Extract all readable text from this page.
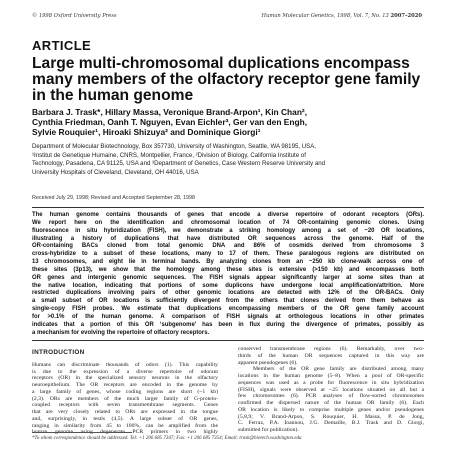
© 1998 Oxford University Press	Human Molecular Genetics, 1998, Vol. 7, No. 13 2007–2020
ARTICLE
Large multi-chromosomal duplications encompass many members of the olfactory receptor gene family in the human genome
Barbara J. Trask*, Hillary Massa, Veronique Brand-Arpon¹, Kin Chan²,
Cynthia Friedman, Oanh T. Nguyen, Evan Eichler³, Ger van den Engh,
Sylvie Rouquier¹, Hiroaki Shizuya² and Dominique Giorgi¹
Department of Molecular Biotechnology, Box 357730, University of Washington, Seattle, WA 98195, USA,
¹Institut de Genetique Humaine, CNRS, Montpellier, France, ²Division of Biology, California Institute of
Technology, Pasadena, CA 91125, USA and ³Department of Genetics, Case Western Reserve University and
University Hospitals of Cleveland, Cleveland, OH 44016, USA
Received July 29, 1998; Revised and Accepted September 28, 1998
The human genome contains thousands of genes that encode a diverse repertoire of odorant receptors (ORs).
We report here on the identification and chromosomal location of 74 OR-containing genomic clones. Using
fluorescence in situ hybridization (FISH), we demonstrate a striking homology among a set of ~20 OR locations,
illustrating a history of duplications that have distributed OR sequences across the genome. Half of the
OR-containing BACs cloned from total genomic DNA and 86% of cosmids derived from chromosome 3
cross-hybridize to a subset of these locations, many to 17 of them. These paralogous regions are distributed on
13 chromosomes, and eight lie in terminal bands. By analyzing clones from an ~250 kb clone-walk across one of
these sites (3p13), we show that the homology among these sites is extensive (>150 kb) and encompasses both
OR genes and intergenic genomic sequences. The FISH signals appear significantly larger at some sites than at
the native location, indicating that portions of some duplicons have undergone local amplification/attrition. More
restricted duplications involving pairs of other genomic locations are detected with 12% of the OR-BACs. Only
a small subset of OR locations is sufficiently divergent from the others that clones derived from them behave as
single-copy FISH probes. We estimate that duplications encompassing members of the OR gene family account
for >0.1% of the human genome. A comparison of FISH signals at orthologous locations in other primates
indicates that a portion of this OR ‘subgenome’ has been in flux during the divergence of primates, possibly as
a mechanism for evolving the repertoire of olfactory receptors.
INTRODUCTION
Humans can discriminate thousands of odors (1). This capability
is due to the expression of a diverse repertoire of odorant
receptors (OR) in the specialized sensory neurons in the olfactory
neuroepithelium. The OR receptors are encoded in the genome by
a large family of genes, whose coding regions are short (~1 kb)
(2,3). ORs are members of the much larger family of G-protein-
coupled receptors with seven transmembrane segments. Genes
that are very closely related to ORs are expressed in the tongue
and, surprisingly, in testis (4,5). A large subset of OR genes,
ranging in similarity from 45 to 100%, can be amplified from the
human genome using degenerate PCR primers in two highly
conserved transmembrane regions (6). Remarkably, over two-
thirds of the human OR sequences captured in this way are
apparent pseudogenes (6).
Members of the OR gene family are distributed among many
locations in the human genome (5–8). When a pool of OR-specific
sequences was used as a probe for fluorescence in situ hybridization
(FISH), signals were observed at ~25 locations situated on all but a
few chromosomes (6). PCR analyses of flow-sorted chromosomes
confirmed the dispersed nature of the human OR family (6). Each
OR location is likely to comprise multiple genes and/or pseudogenes
(5,8,9; V. Brand-Arpon, S. Rouquier, H. Massa, P. de Jong,
C. Ferraz, P.A. Ioannou, J.G. Demaille, B.J. Trask and D. Giorgi,
submitted for publication).
*To whom correspondence should be addressed. Tel: +1 206 685 7347; Fax: +1 206 685 7354; Email: trask@biotech.washington.edu
